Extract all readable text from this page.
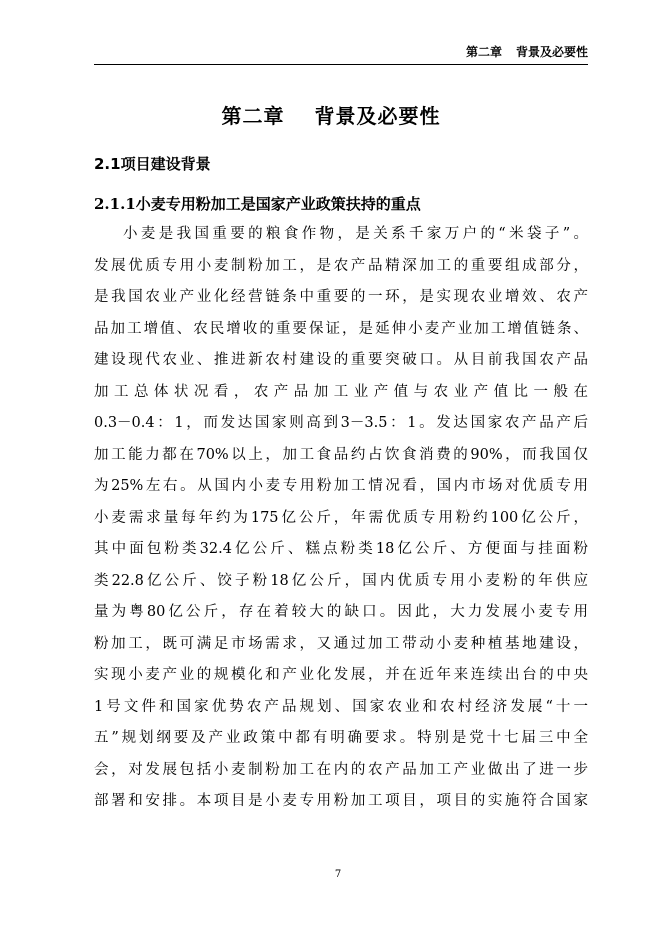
第二章 背景及必要性
第二章 背景及必要性
2.1项目建设背景
2.1.1小麦专用粉加工是国家产业政策扶持的重点
小麦是我国重要的粮食作物，是关系千家万户的“米袋子”。
发展优质专用小麦制粉加工，是农产品精深加工的重要组成部分，
是我国农业产业化经营链条中重要的一环，是实现农业增效、农产
品加工增值、农民增收的重要保证，是延伸小麦产业加工增值链条、
建设现代农业、推进新农村建设的重要突破口。从目前我国农产品
加工总体状况看，农产品加工业产值与农业产值比一般在
0.3－0.4：1，而发达国家则高到3－3.5：1。发达国家农产品产后
加工能力都在70%以上，加工食品约占饮食消费的90%，而我国仅
为25%左右。从国内小麦专用粉加工情况看，国内市场对优质专用
小麦需求量每年约为175亿公斤，年需优质专用粉约100亿公斤，
其中面包粉类32.4亿公斤、糕点粉类18亿公斤、方便面与挂面粉
类22.8亿公斤、饺子粉18亿公斤，国内优质专用小麦粉的年供应
量为粤80亿公斤，存在着较大的缺口。因此，大力发展小麦专用
粉加工，既可满足市场需求，又通过加工带动小麦种植基地建设，
实现小麦产业的规模化和产业化发展，并在近年来连续出台的中央
1号文件和国家优势农产品规划、国家农业和农村经济发展“十一
五”规划纲要及产业政策中都有明确要求。特别是党十七届三中全
会，对发展包括小麦制粉加工在内的农产品加工产业做出了进一步
部署和安排。本项目是小麦专用粉加工项目，项目的实施符合国家
7
